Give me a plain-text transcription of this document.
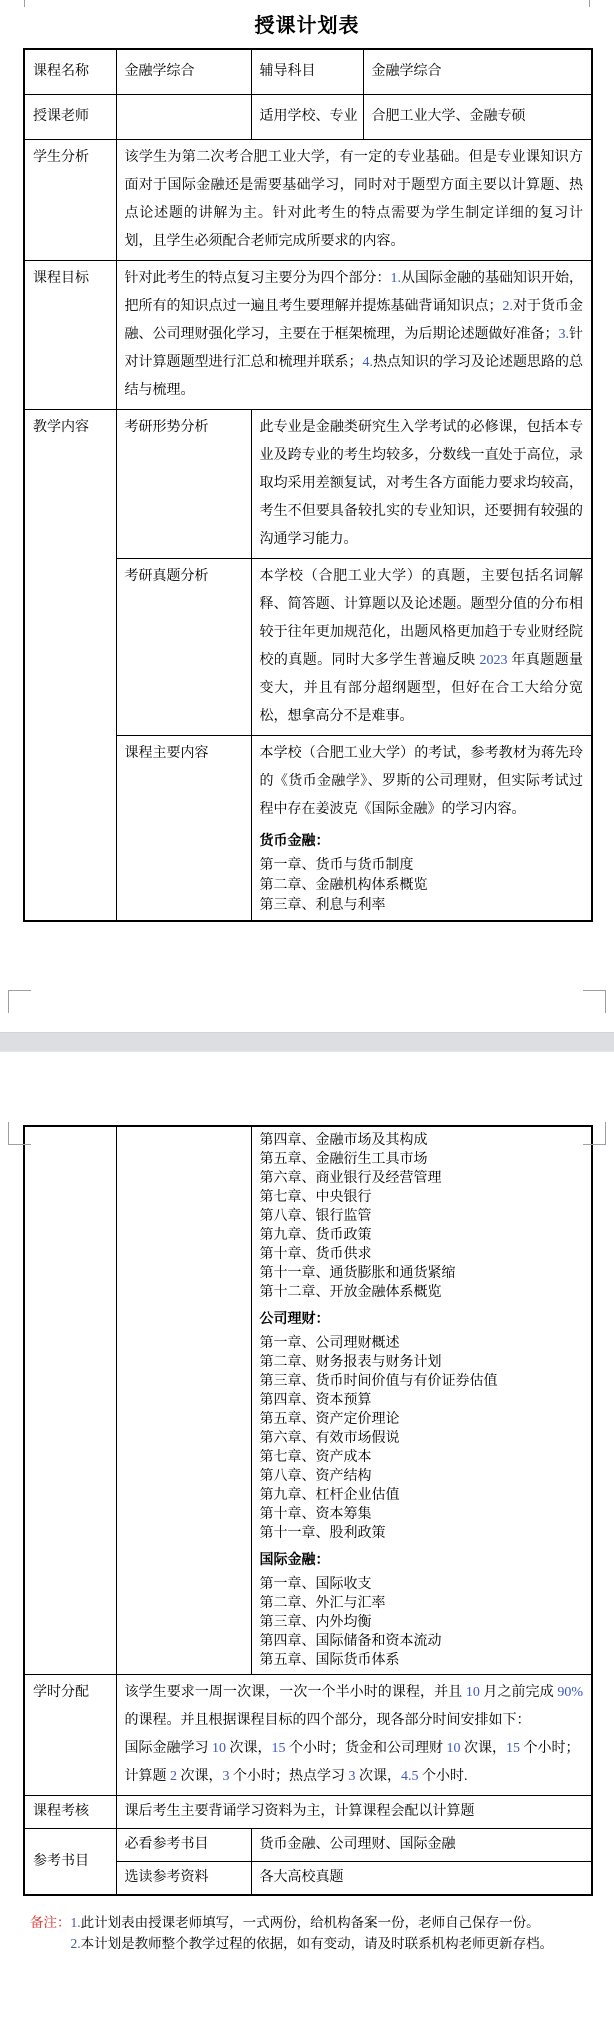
授课计划表
课程名称	金融学综合	辅导科目	金融学综合
授课老师		适用学校、专业	合肥工业大学、金融专硕
学生分析	该学生为第二次考合肥工业大学，有一定的专业基础。但是专业课知识方面对于国际金融还是需要基础学习，同时对于题型方面主要以计算题、热点论述题的讲解为主。针对此考生的特点需要为学生制定详细的复习计划，且学生必须配合老师完成所要求的内容。		
课程目标	针对此考生的特点复习主要分为四个部分：1.从国际金融的基础知识开始，把所有的知识点过一遍且考生要理解并提炼基础背诵知识点；2.对于货币金融、公司理财强化学习，主要在于框架梳理，为后期论述题做好准备；3.针对计算题题型进行汇总和梳理并联系；4.热点知识的学习及论述题思路的总结与梳理。		
教学内容	考研形势分析	此专业是金融类研究生入学考试的必修课，包括本专业及跨专业的考生均较多，分数线一直处于高位，录取均采用差额复试，对考生各方面能力要求均较高，考生不但要具备较扎实的专业知识，还要拥有较强的沟通学习能力。	
	考研真题分析	本学校（合肥工业大学）的真题，主要包括名词解释、简答题、计算题以及论述题。题型分值的分布相较于往年更加规范化，出题风格更加趋于专业财经院校的真题。同时大多学生普遍反映 2023 年真题题量变大，并且有部分超纲题型，但好在合工大给分宽松，想拿高分不是难事。	
	课程主要内容	本学校（合肥工业大学）的考试，参考教材为蒋先玲的《货币金融学》、罗斯的公司理财，但实际考试过程中存在姜波克《国际金融》的学习内容。
货币金融：
第一章、货币与货币制度
第二章、金融机构体系概览
第三章、利息与利率	

第四章、金融市场及其构成
第五章、金融衍生工具市场
第六章、商业银行及经营管理
第七章、中央银行
第八章、银行监管
第九章、货币政策
第十章、货币供求
第十一章、通货膨胀和通货紧缩
第十二章、开放金融体系概览
公司理财：
第一章、公司理财概述
第二章、财务报表与财务计划
第三章、货币时间价值与有价证券估值
第四章、资本预算
第五章、资产定价理论
第六章、有效市场假说
第七章、资产成本
第八章、资产结构
第九章、杠杆企业估值
第十章、资本筹集
第十一章、股利政策
国际金融：
第一章、国际收支
第二章、外汇与汇率
第三章、内外均衡
第四章、国际储备和资本流动
第五章、国际货币体系

学时分配	该学生要求一周一次课，一次一个半小时的课程，并且 10 月之前完成 90% 的课程。并且根据课程目标的四个部分，现各部分时间安排如下：

国际金融学习 10 次课，15 个小时；货金和公司理财 10 次课，15 个小时；

计算题 2 次课，3 个小时；热点学习 3 次课，4.5 个小时.	

课程考核	课后考生主要背诵学习资料为主，计算课程会配以计算题	
参考书目	必看参考书目	货币金融、公司理财、国际金融
	选读参考资料	各大高校真题
备注： 1.此计划表由授课老师填写，一式两份，给机构备案一份，老师自己保存一份。
2.本计划是教师整个教学过程的依据，如有变动，请及时联系机构老师更新存档。
